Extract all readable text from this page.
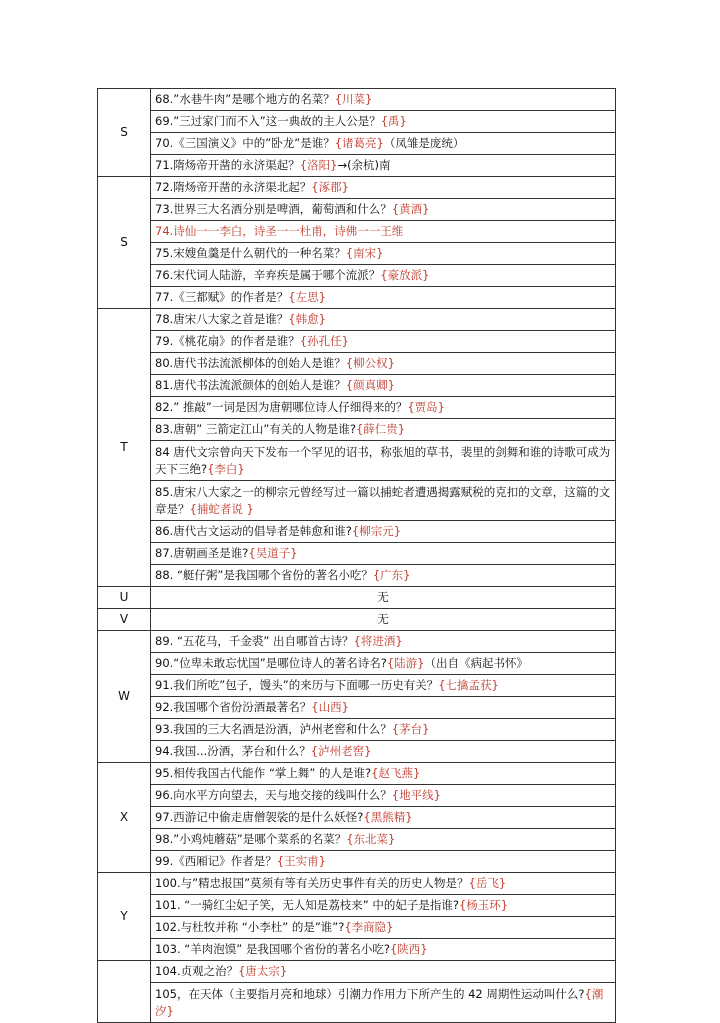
S	68.”水巷牛肉”是哪个地方的名菜？{川菜}
	69.”三过家门而不入”这一典故的主人公是？{禹}
	70.《三国演义》中的”卧龙”是谁？{诸葛亮}（凤雏是庞统）
	71.隋炀帝开凿的永济渠起？{洛阳}→(余杭)南
S	72.隋炀帝开凿的永济渠北起？{涿郡}
	73.世界三大名酒分别是啤酒，葡萄酒和什么？{黄酒}
	74.诗仙一一李白，诗圣一一杜甫，诗佛一一王维
	75.宋嫂鱼羹是什么朝代的一种名菜？{南宋}
	76.宋代词人陆游，辛弃疾是属于哪个流派？{豪放派}
	77.《三都赋》的作者是？{左思}
T	78.唐宋八大家之首是谁？{韩愈}
	79.《桃花扇》的作者是谁？{孙孔任}
	80.唐代书法流派柳体的创始人是谁？{柳公权}
	81.唐代书法流派颜体的创始人是谁？{颜真卿}
	82.” 推敲”一词是因为唐朝哪位诗人仔细得来的？{贾岛}
	83.唐朝” 三箭定江山”有关的人物是谁?{薛仁贵}
	84 唐代文宗曾向天下发布一个罕见的诏书，称张旭的草书，裴里的剑舞和谁的诗歌可成为天下三绝?{李白}
	85.唐宋八大家之一的柳宗元曾经写过一篇以捕蛇者遭遇揭露赋税的克扣的文章，这篇的文章是？{捕蛇者说 }
	86.唐代古文运动的倡导者是韩愈和谁?{柳宗元}
	87.唐朝画圣是谁?{吴道子}
	88. “艇仔粥”是我国哪个省份的著名小吃？{广东}
U	无
V	无
W	89. “五花马，千金裘” 出自哪首古诗？{将进酒}
	90.“位卑未敢忘忧国”是哪位诗人的著名诗名?{陆游}（出自《病起书怀》
	91.我们所吃”包子，馒头”的来历与下面哪一历史有关？{七擒孟获}
	92.我国哪个省份汾酒最著名？{山西}
	93.我国的三大名酒是汾酒，泸州老窖和什么？{茅台}
	94.我国...汾酒，茅台和什么？{泸州老窖}
X	95.相传我国古代能作 “掌上舞” 的人是谁?{赵飞燕}
	96.向水平方向望去，天与地交接的线叫什么？{地平线}
	97.西游记中偷走唐僧袈裟的是什么妖怪?{黑熊精}
	98.”小鸡炖蘑菇”是哪个菜系的名菜？{东北菜}
	99.《西厢记》作者是？{王实甫}
Y	100.与”精忠报国”莫须有等有关历史事件有关的历史人物是？{岳飞}
	101. “一骑红尘妃子笑，无人知是荔枝来” 中的妃子是指谁?{杨玉环}
	102.与杜牧并称 “小李杜” 的是”谁”?{李商隐}
	103. “羊肉泡馍” 是我国哪个省份的著名小吃?{陕西}
	104.贞观之治？{唐太宗}
	105，在天体（主要指月亮和地球）引潮力作用力下所产生的 42 周期性运动叫什么?{潮汐}
